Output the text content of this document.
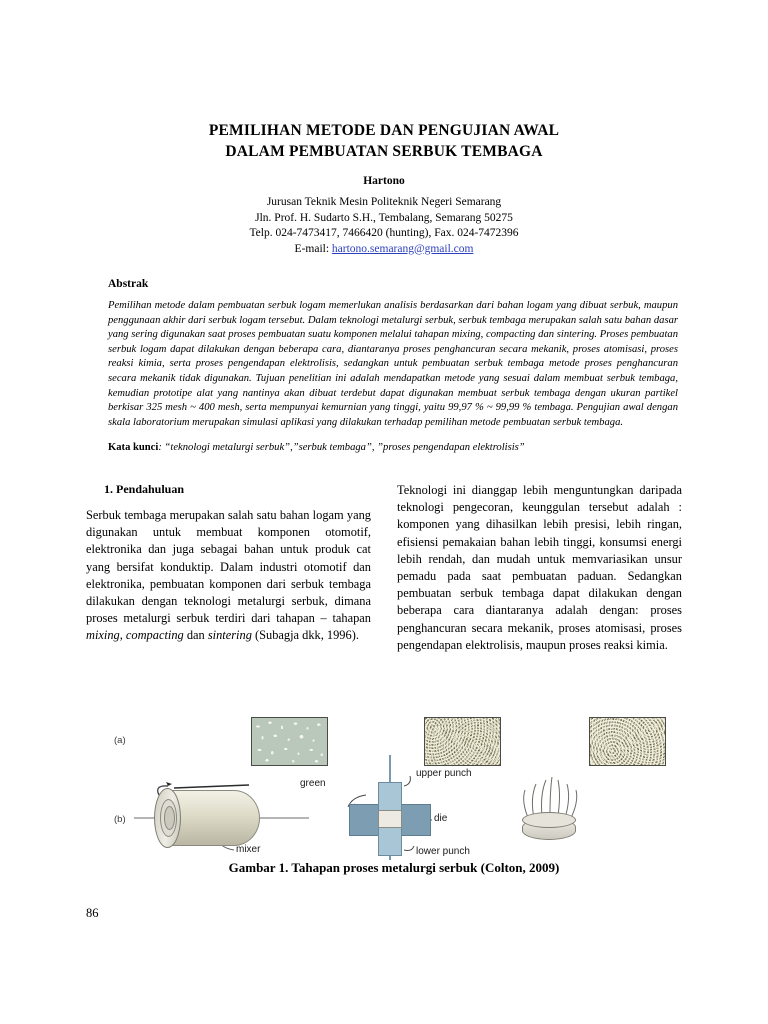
PEMILIHAN METODE DAN PENGUJIAN AWAL
DALAM PEMBUATAN SERBUK TEMBAGA
Hartono
Jurusan Teknik Mesin Politeknik Negeri Semarang
Jln. Prof. H. Sudarto S.H., Tembalang, Semarang 50275
Telp. 024-7473417, 7466420 (hunting), Fax. 024-7472396
E-mail: hartono.semarang@gmail.com
Abstrak
Pemilihan metode dalam pembuatan serbuk logam memerlukan analisis berdasarkan dari bahan logam yang dibuat serbuk, maupun penggunaan akhir dari serbuk logam tersebut. Dalam teknologi metalurgi serbuk, serbuk tembaga merupakan salah satu bahan dasar yang sering digunakan saat proses pembuatan suatu komponen melalui tahapan mixing, compacting dan sintering. Proses pembuatan serbuk logam dapat dilakukan dengan beberapa cara, diantaranya proses penghancuran secara mekanik, proses atomisasi, proses reaksi kimia, serta proses pengendapan elektrolisis, sedangkan untuk pembuatan serbuk tembaga metode proses penghancuran secara mekanik tidak digunakan. Tujuan penelitian ini adalah mendapatkan metode yang sesuai dalam membuat serbuk tembaga, kemudian prototipe alat yang nantinya akan dibuat terdebut dapat digunakan membuat serbuk tembaga dengan ukuran partikel berkisar 325 mesh ~ 400 mesh, serta mempunyai kemurnian yang tinggi, yaitu 99,97 % ~ 99,99 % tembaga. Pengujian awal dengan skala laboratorium merupakan simulasi aplikasi yang dilakukan terhadap pemilihan metode pembuatan serbuk tembaga.
Kata kunci: “teknologi metalurgi serbuk”,”serbuk tembaga”, ”proses pengendapan elektrolisis”
1. Pendahuluan
Serbuk tembaga merupakan salah satu bahan logam yang digunakan untuk membuat komponen otomotif, elektronika dan juga sebagai bahan untuk produk cat yang bersifat konduktip. Dalam industri otomotif dan elektronika, pembuatan komponen dari serbuk tembaga dilakukan dengan teknologi metalurgi serbuk, dimana proses metalurgi serbuk terdiri dari tahapan – tahapan mixing, compacting dan sintering (Subagja dkk, 1996).
Teknologi ini dianggap lebih menguntungkan daripada teknologi pengecoran, keunggulan tersebut adalah : komponen yang dihasilkan lebih presisi, lebih ringan, efisiensi pemakaian bahan lebih tinggi, konsumsi energi lebih rendah, dan mudah untuk memvariasikan unsur pemadu pada saat pembuatan paduan. Sedangkan pembuatan serbuk tembaga dapat dilakukan dengan beberapa cara diantaranya adalah dengan: proses penghancuran secara mekanik, proses atomisasi, proses pengendapan elektrolisis, maupun proses reaksi kimia.
(a)
(b)
green
upper punch
die
lower punch
mixer
Gambar 1. Tahapan proses metalurgi serbuk (Colton, 2009)
86
